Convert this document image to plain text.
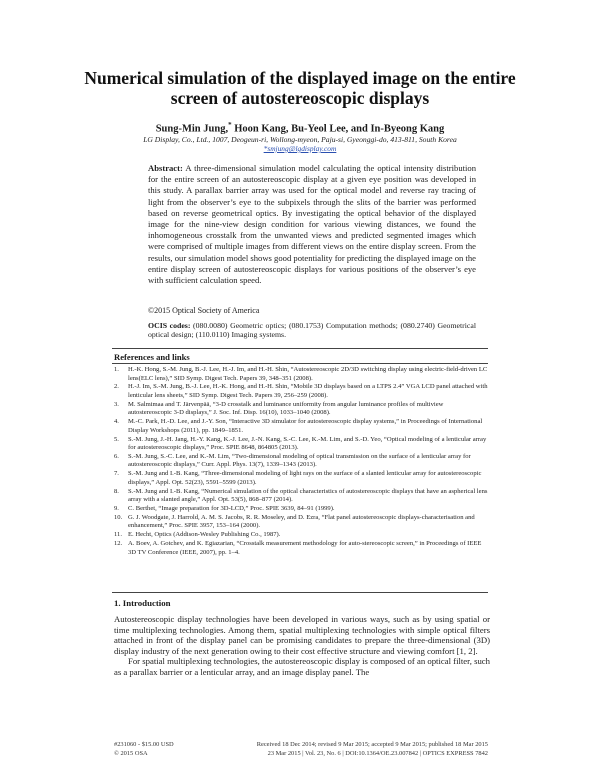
Numerical simulation of the displayed image on the entire screen of autostereoscopic displays
Sung-Min Jung,* Hoon Kang, Bu-Yeol Lee, and In-Byeong Kang
LG Display, Co., Ltd., 1007, Deogeun-ri, Wollong-myeon, Paju-si, Gyeonggi-do, 413-811, South Korea
*smjung@lgdisplay.com
Abstract: A three-dimensional simulation model calculating the optical intensity distribution for the entire screen of an autostereoscopic display at a given eye position was developed in this study. A parallax barrier array was used for the optical model and reverse ray tracing of light from the observer’s eye to the subpixels through the slits of the barrier was performed based on reverse geometrical optics. By investigating the optical behavior of the displayed image for the nine-view design condition for various viewing distances, we found the inhomogeneous crosstalk from the unwanted views and predicted segmented images which were comprised of multiple images from different views on the entire display screen. From the results, our simulation model shows good potentiality for predicting the displayed image on the entire display screen of autostereoscopic displays for various positions of the observer’s eye with sufficient calculation speed.
©2015 Optical Society of America
OCIS codes: (080.0080) Geometric optics; (080.1753) Computation methods; (080.2740) Geometrical optical design; (110.0110) Imaging systems.
References and links
1. H.-K. Hong, S.-M. Jung, B.-J. Lee, H.-J. Im, and H.-H. Shin, “Autostereoscopic 2D/3D switching display using electric-field-driven LC lens(ELC lens),” SID Symp. Digest Tech. Papers 39, 348–351 (2008).
2. H.-J. Im, S.-M. Jung, B.-J. Lee, H.-K. Hong, and H.-H. Shin, “Mobile 3D displays based on a LTPS 2.4” VGA LCD panel attached with lenticular lens sheets,” SID Symp. Digest Tech. Papers 39, 256–259 (2008).
3. M. Salmimaa and T. Järvenpää, “3-D crosstalk and luminance uniformity from angular luminance profiles of multiview autostereoscopic 3-D displays,” J. Soc. Inf. Disp. 16(10), 1033–1040 (2008).
4. M.-C. Park, H.-D. Lee, and J.-Y. Son, “Interactive 3D simulator for autostereoscopic display systems,” in Proceedings of International Display Workshops (2011), pp. 1849–1851.
5. S.-M. Jung, J.-H. Jang, H.-Y. Kang, K.-J. Lee, J.-N. Kang, S.-C. Lee, K.-M. Lim, and S.-D. Yeo, “Optical modeling of a lenticular array for autostereoscopic displays,” Proc. SPIE 8648, 864805 (2013).
6. S.-M. Jung, S.-C. Lee, and K.-M. Lim, “Two-dimensional modeling of optical transmission on the surface of a lenticular array for autostereoscopic displays,” Curr. Appl. Phys. 13(7), 1339–1343 (2013).
7. S.-M. Jung and I.-B. Kang, “Three-dimensional modeling of light rays on the surface of a slanted lenticular array for autostereoscopic displays,” Appl. Opt. 52(23), 5591–5599 (2013).
8. S.-M. Jung and I.-B. Kang, “Numerical simulation of the optical characteristics of autostereoscopic displays that have an aspherical lens array with a slanted angle,” Appl. Opt. 53(5), 868–877 (2014).
9. C. Berthet, “Image preparation for 3D-LCD,” Proc. SPIE 3639, 84–91 (1999).
10. G. J. Woodgate, J. Harrold, A. M. S. Jacobs, R. R. Moseley, and D. Ezra, “Flat panel autostereoscopic displays-characterisation and enhancement,” Proc. SPIE 3957, 153–164 (2000).
11. E. Hecht, Optics (Addison-Wesley Publishing Co., 1987).
12. A. Boev, A. Gotchev, and K. Egiazarian, “Crosstalk measurement methodology for auto-stereoscopic screen,” in Proceedings of IEEE 3D TV Conference (IEEE, 2007), pp. 1–4.
1. Introduction

Autostereoscopic display technologies have been developed in various ways, such as by using spatial or time multiplexing technologies. Among them, spatial multiplexing technologies with simple optical filters attached in front of the display panel can be promising candidates to prepare the three-dimensional (3D) display industry of the next generation owing to their cost effective structure and viewing comfort [1, 2].

For spatial multiplexing technologies, the autostereoscopic display is composed of an optical filter, such as a parallax barrier or a lenticular array, and an image display panel. The

#231060 - $15.00 USD
© 2015 OSA
Received 18 Dec 2014; revised 9 Mar 2015; accepted 9 Mar 2015; published 18 Mar 2015
23 Mar 2015 | Vol. 23, No. 6 | DOI:10.1364/OE.23.007842 | OPTICS EXPRESS 7842
